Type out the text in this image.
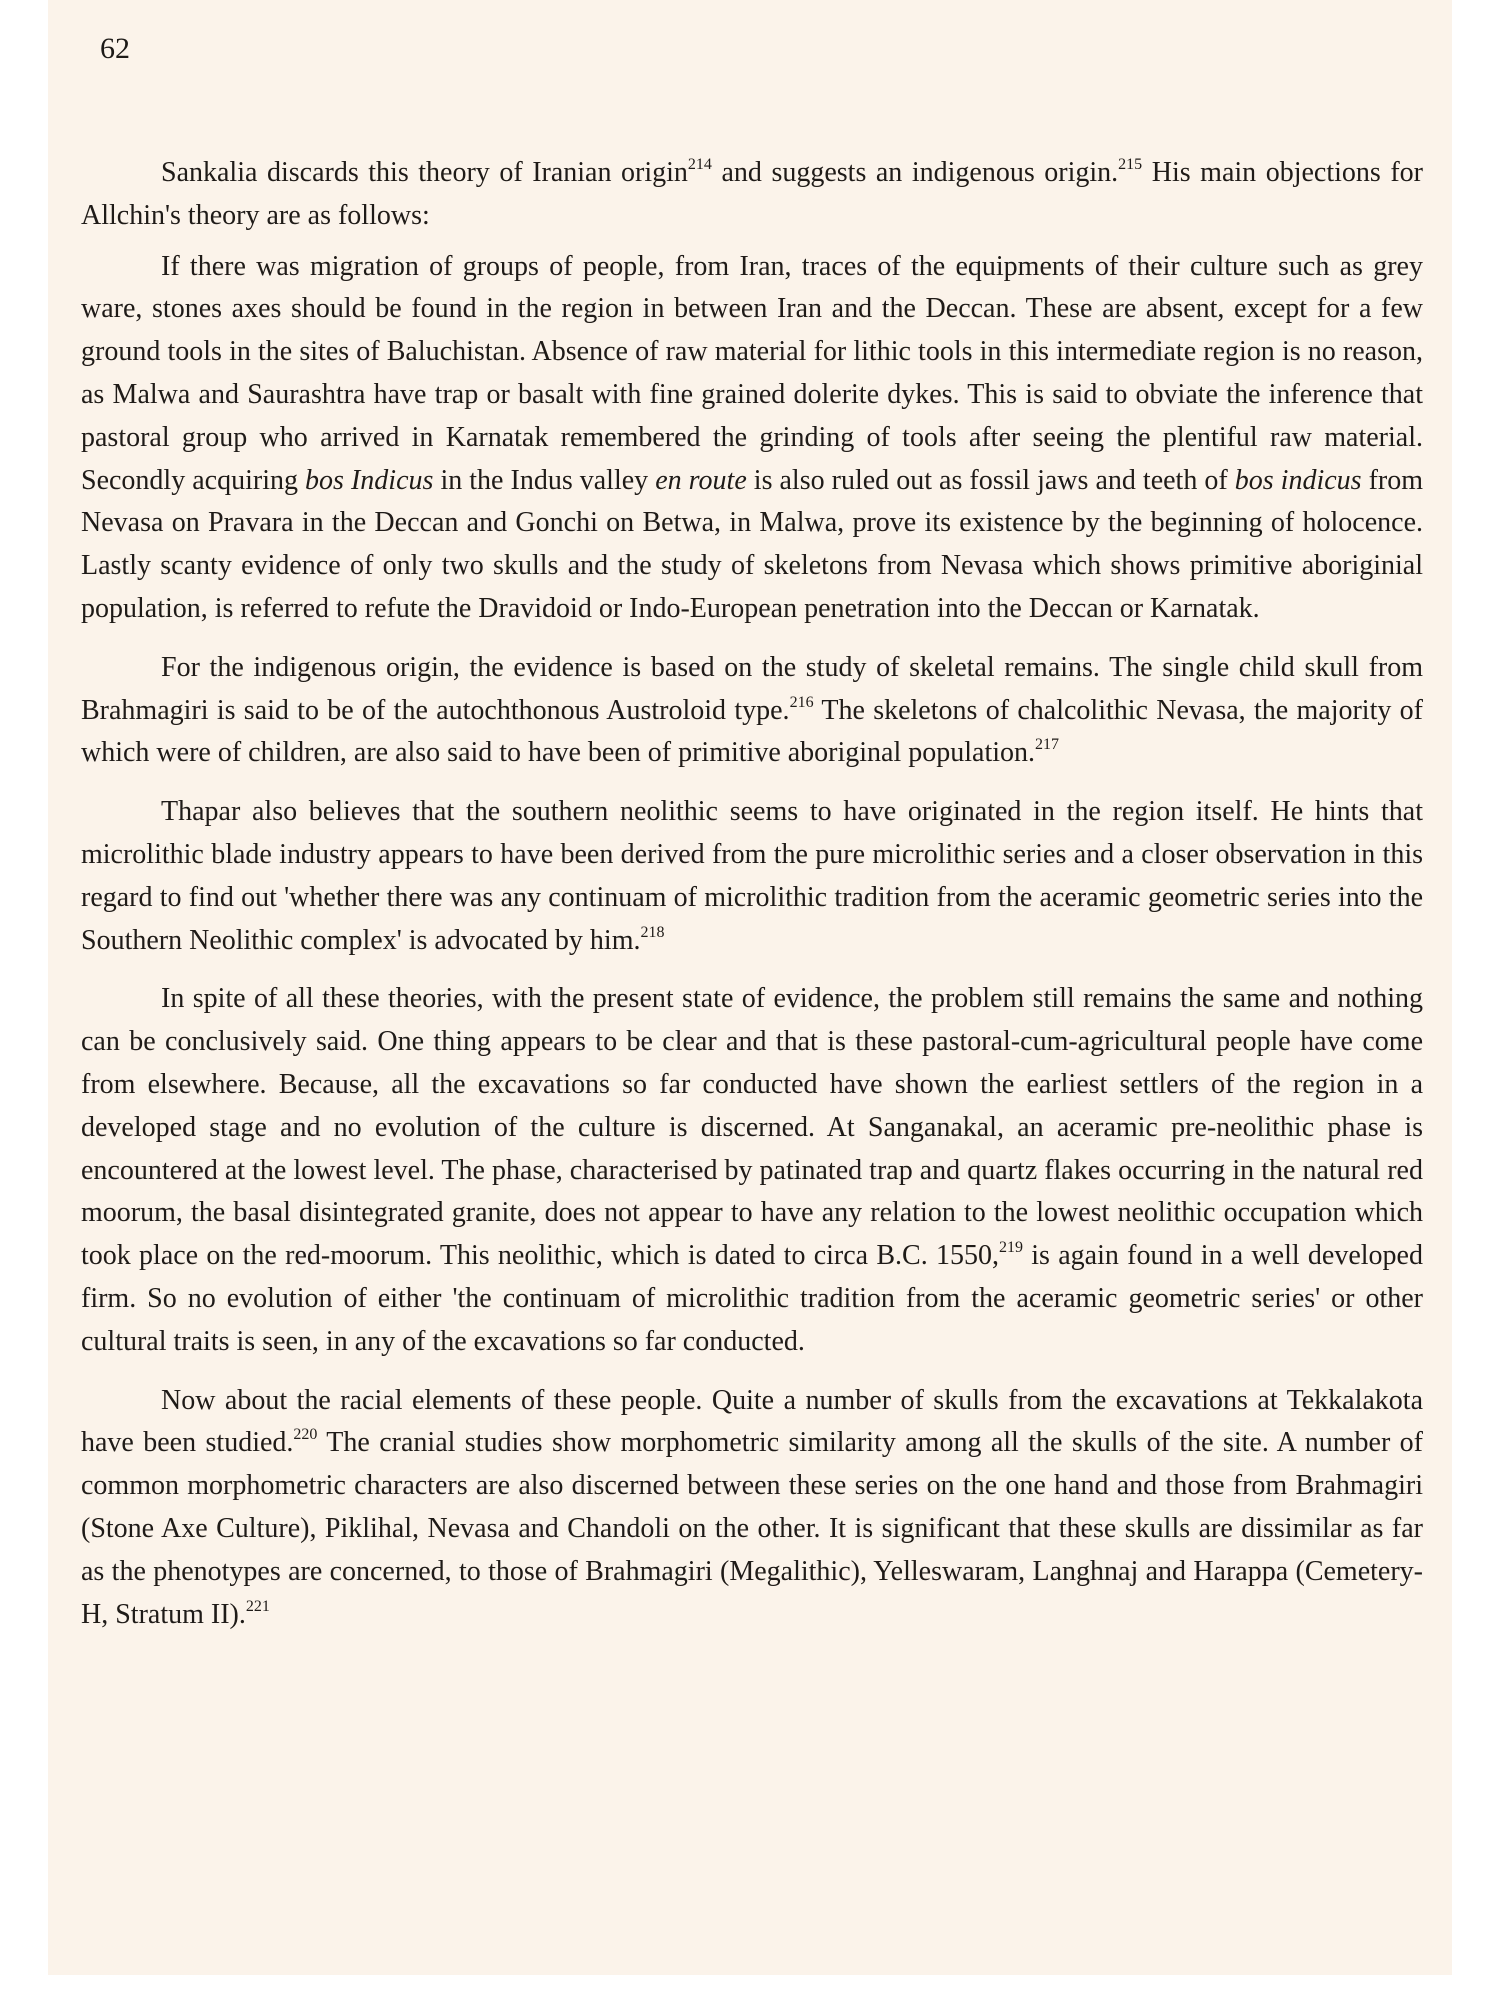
62

Sankalia discards this theory of Iranian origin$^{214}$ and suggests an indigenous origin.$^{215}$ His main objections for Allchin's theory are as follows:

If there was migration of groups of people, from Iran, traces of the equipments of their culture such as grey ware, stones axes should be found in the region in between Iran and the Deccan. These are absent, except for a few ground tools in the sites of Baluchistan. Absence of raw material for lithic tools in this intermediate region is no reason, as Malwa and Saurashtra have trap or basalt with fine grained dolerite dykes. This is said to obviate the inference that pastoral group who arrived in Karnatak remembered the grinding of tools after seeing the plentiful raw material. Secondly acquiring bos Indicus in the Indus valley en route is also ruled out as fossil jaws and teeth of bos indicus from Nevasa on Pravara in the Deccan and Gonchi on Betwa, in Malwa, prove its existence by the beginning of holocence. Lastly scanty evidence of only two skulls and the study of skeletons from Nevasa which shows primitive aboriginial population, is referred to refute the Dravidoid or Indo-European penetration into the Deccan or Karnatak.

For the indigenous origin, the evidence is based on the study of skeletal remains. The single child skull from Brahmagiri is said to be of the autochthonous Austroloid type.$^{216}$ The skeletons of chalcolithic Nevasa, the majority of which were of children, are also said to have been of primitive aboriginal population.$^{217}$

Thapar also believes that the southern neolithic seems to have originated in the region itself. He hints that microlithic blade industry appears to have been derived from the pure microlithic series and a closer observation in this regard to find out 'whether there was any continuam of microlithic tradition from the aceramic geometric series into the Southern Neolithic complex' is advocated by him.$^{218}$

In spite of all these theories, with the present state of evidence, the problem still remains the same and nothing can be conclusively said. One thing appears to be clear and that is these pastoral-cum-agricultural people have come from elsewhere. Because, all the excavations so far conducted have shown the earliest settlers of the region in a developed stage and no evolution of the culture is discerned. At Sanganakal, an aceramic pre-neolithic phase is encountered at the lowest level. The phase, characterised by patinated trap and quartz flakes occurring in the natural red moorum, the basal disintegrated granite, does not appear to have any relation to the lowest neolithic occupation which took place on the red-moorum. This neolithic, which is dated to circa B.C. 1550,$^{219}$ is again found in a well developed firm. So no evolution of either 'the continuam of microlithic tradition from the aceramic geometric series' or other cultural traits is seen, in any of the excavations so far conducted.

Now about the racial elements of these people. Quite a number of skulls from the excavations at Tekkalakota have been studied.$^{220}$ The cranial studies show morphometric similarity among all the skulls of the site. A number of common morphometric characters are also discerned between these series on the one hand and those from Brahmagiri (Stone Axe Culture), Piklihal, Nevasa and Chandoli on the other. It is significant that these skulls are dissimilar as far as the phenotypes are concerned, to those of Brahmagiri (Megalithic), Yelleswaram, Langhnaj and Harappa (Cemetery-H, Stratum II).$^{221}$
